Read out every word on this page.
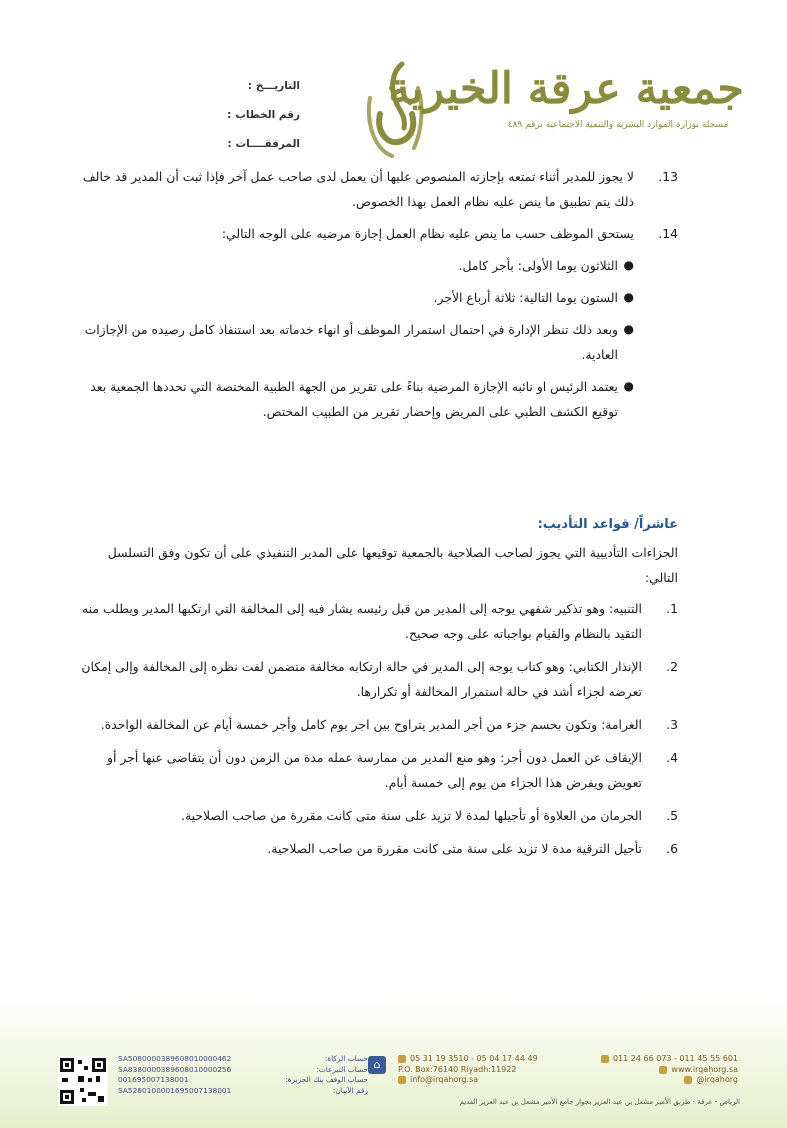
التاريـــخ:
رقم الخطاب:
المرفقــــات:
جمعية عرقة الخيرية
مسجلة بوزارة الموارد البشرية والتنمية الاجتماعية برقم ٤٨٩
13.
لا يجوز للمدير أثناء تمتعه بإجازته المنصوص عليها أن يعمل لدى صاحب عمل آخر فإذا ثبت أن المدير قد خالف ذلك يتم تطبيق ما ينص عليه نظام العمل بهذا الخصوص.
14.
يستحق الموظف حسب ما ينص عليه نظام العمل إجازة مرضيه على الوجه التالي:
●
الثلاثون يوما الأولى: بأجر كامل.
●
الستون يوما التالية: ثلاثة أرباع الأجر.
●
وبعد ذلك تنظر الإدارة في احتمال استمرار الموظف أو انهاء خدماته بعد استنفاذ كامل رصيده من الإجازات العادية.
●
يعتمد الرئيس او نائبه الإجازة المرضية بناءً على تقرير من الجهة الطبية المختصة التي تحددها الجمعية بعد توقيع الكشف الطبي على المريض وإحضار تقرير من الطبيب المختص.
عاشراً/ قواعد التأديب:
الجزاءات التأديبية التي يجوز لصاحب الصلاحية بالجمعية توقيعها على المدير التنفيذي على أن تكون وفق التسلسل التالي:
1.
التنبيه: وهو تذكير شفهي يوجه إلى المدير من قبل رئيسه يشار فيه إلى المخالفة التي ارتكبها المدير ويطلب منه التقيد بالنظام والقيام بواجباته على وجه صحيح.
2.
الإنذار الكتابي: وهو كتاب يوجه إلى المدير في حالة ارتكابه مخالفة متضمن لفت نظره إلى المخالفة وإلى إمكان تعرضه لجزاء أشد في حالة استمرار المخالفة أو تكرارها.
3.
الغرامة: وتكون بحسم جزء من أجر المدير يتراوح بين اجر يوم كامل وأجر خمسة أيام عن المخالفة الواحدة.
4.
الإيقاف عن العمل دون أجر: وهو منع المدير من ممارسة عمله مدة من الزمن دون أن يتقاضى عنها أجر أو تعويض ويفرض هذا الجزاء من يوم إلى خمسة أيام.
5.
الحرمان من العلاوة أو تأجيلها لمدة لا تزيد على سنة متى كانت مقررة من صاحب الصلاحية.
6.
تأجيل الترقية مدة لا تزيد على سنة متى كانت مقررة من صاحب الصلاحية.
SA5080000389608010000462	حساب الزكاة:
SA8380000389608010000256	حساب التبرعات:
001695007138001	حساب الوقف بنك الجزيرة:
SA5260100001695007138001	رقم الآيبان:
⌂	05 31 19 3510 - 05 04 17 44 49	011 24 66 073 - 011 45 55 601
P.O. Box:76140 Riyadh:11922	www.irqahorg.sa
info@irqahorg.sa	@irqahorg
الرياض - عرقة - طريق الأمير مشعل بن عبد العزيز بجوار جامع الأمير مشعل بن عبد العزيز القديم
